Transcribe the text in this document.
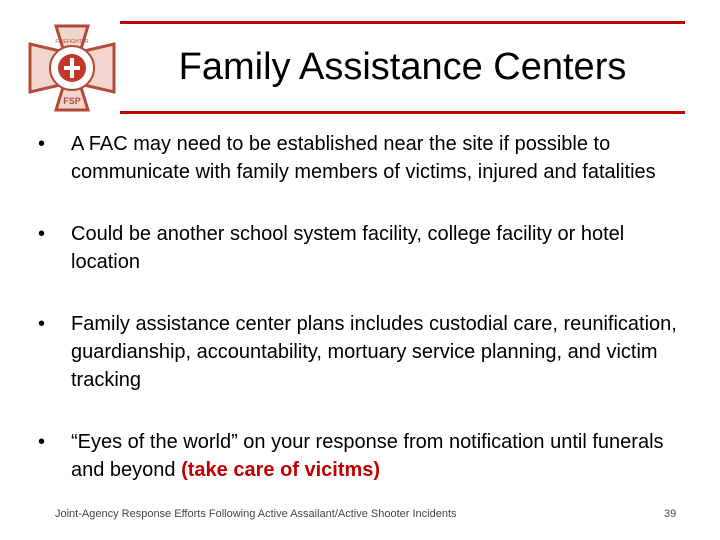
FSP
FIREFIGHTER
Family Assistance Centers
• A FAC may need to be established near the site if possible to communicate with family members of victims, injured and fatalities
• Could be another school system facility, college facility or hotel location
• Family assistance center plans includes custodial care, reunification, guardianship, accountability, mortuary service planning, and victim tracking
• “Eyes of the world” on your response from notification until funerals and beyond (take care of vicitms)
Joint-Agency Response Efforts Following Active Assailant/Active Shooter Incidents	39
